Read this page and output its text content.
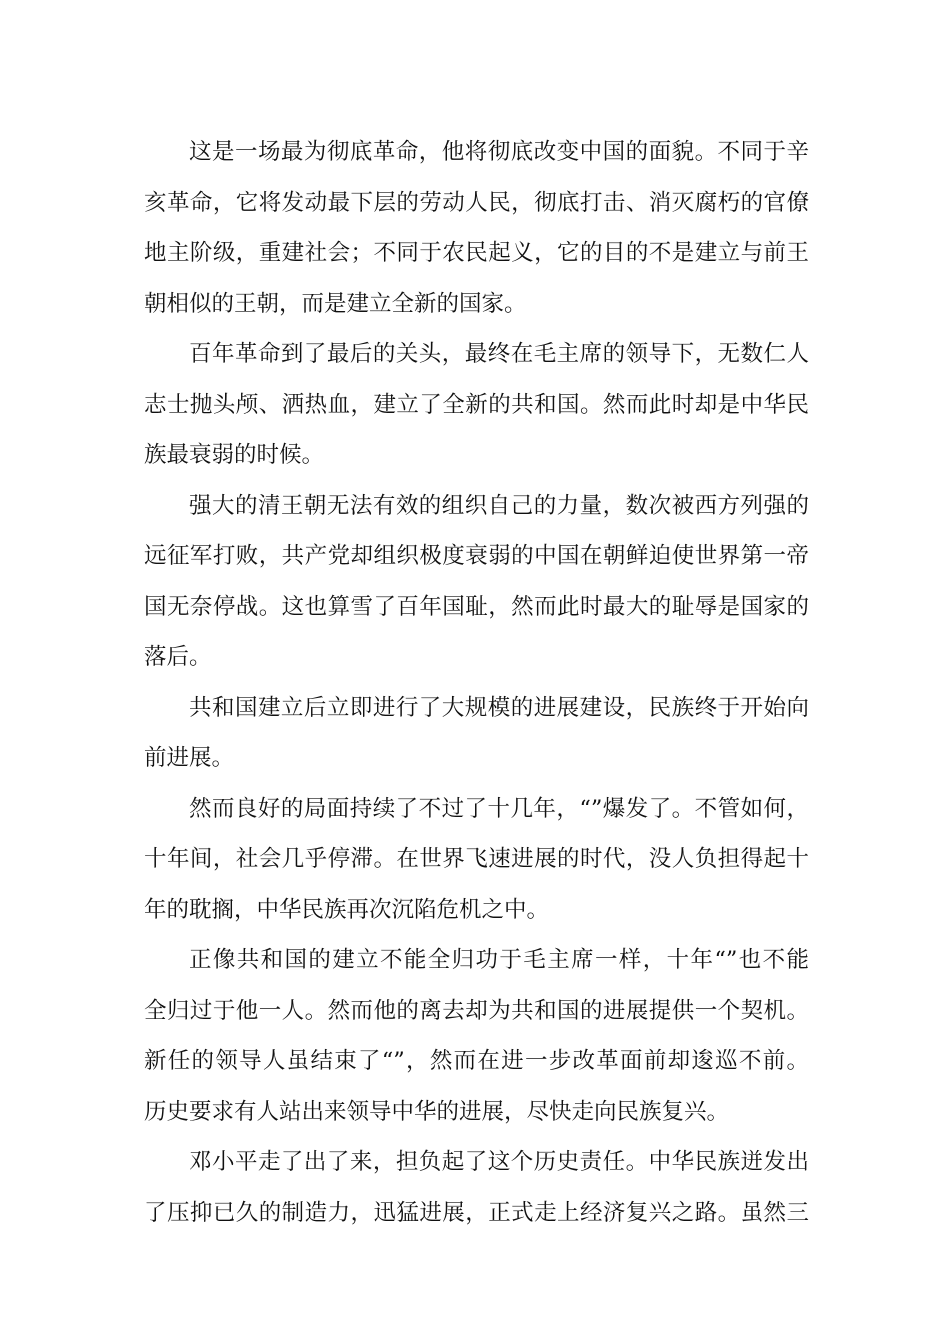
这是一场最为彻底革命，他将彻底改变中国的面貌。不同于辛
亥革命，它将发动最下层的劳动人民，彻底打击、消灭腐朽的官僚
地主阶级，重建社会；不同于农民起义，它的目的不是建立与前王
朝相似的王朝，而是建立全新的国家。
百年革命到了最后的关头，最终在毛主席的领导下，无数仁人
志士抛头颅、洒热血，建立了全新的共和国。然而此时却是中华民
族最衰弱的时候。
强大的清王朝无法有效的组织自己的力量，数次被西方列强的
远征军打败，共产党却组织极度衰弱的中国在朝鲜迫使世界第一帝
国无奈停战。这也算雪了百年国耻，然而此时最大的耻辱是国家的
落后。
共和国建立后立即进行了大规模的进展建设，民族终于开始向
前进展。
然而良好的局面持续了不过了十几年，“”爆发了。不管如何，
十年间，社会几乎停滞。在世界飞速进展的时代，没人负担得起十
年的耽搁，中华民族再次沉陷危机之中。
正像共和国的建立不能全归功于毛主席一样，十年“”也不能
全归过于他一人。然而他的离去却为共和国的进展提供一个契机。
新任的领导人虽结束了“”，然而在进一步改革面前却逡巡不前。
历史要求有人站出来领导中华的进展，尽快走向民族复兴。
邓小平走了出了来，担负起了这个历史责任。中华民族迸发出
了压抑已久的制造力，迅猛进展，正式走上经济复兴之路。虽然三
